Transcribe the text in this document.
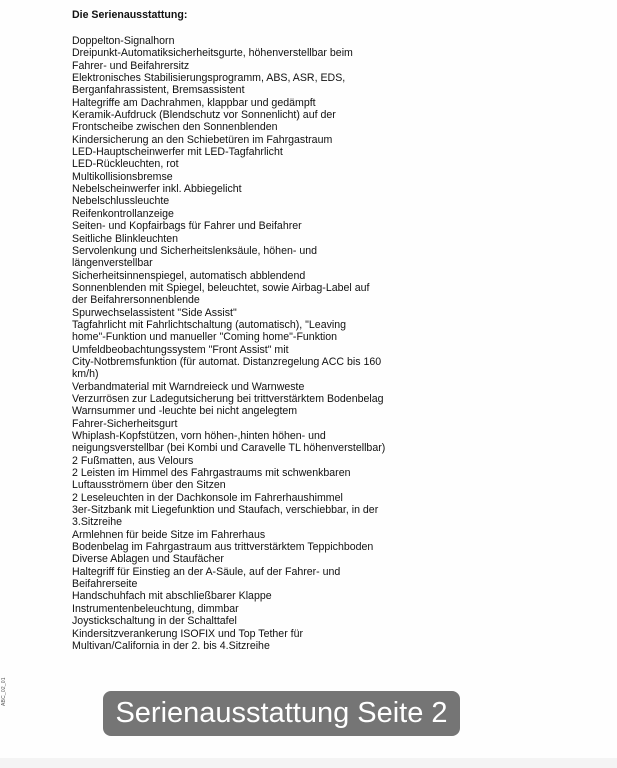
Die Serienausstattung:
Doppelton-Signalhorn
Dreipunkt-Automatiksicherheitsgurte, höhenverstellbar beim
Fahrer- und Beifahrersitz
Elektronisches Stabilisierungsprogramm, ABS, ASR, EDS,
Berganfahrassistent, Bremsassistent
Haltegriffe am Dachrahmen, klappbar und gedämpft
Keramik-Aufdruck (Blendschutz vor Sonnenlicht) auf der
Frontscheibe zwischen den Sonnenblenden
Kindersicherung an den Schiebetüren im Fahrgastraum
LED-Hauptscheinwerfer mit LED-Tagfahrlicht
LED-Rückleuchten, rot
Multikollisionsbremse
Nebelscheinwerfer inkl. Abbiegelicht
Nebelschlussleuchte
Reifenkontrollanzeige
Seiten- und Kopfairbags für Fahrer und Beifahrer
Seitliche Blinkleuchten
Servolenkung und Sicherheitslenksäule, höhen- und
längenverstellbar
Sicherheitsinnenspiegel, automatisch abblendend
Sonnenblenden mit Spiegel, beleuchtet, sowie Airbag-Label auf
der Beifahrersonnenblende
Spurwechselassistent "Side Assist"
Tagfahrlicht mit Fahrlichtschaltung (automatisch), "Leaving
home"-Funktion und manueller "Coming home"-Funktion
Umfeldbeobachtungssystem "Front Assist" mit
City-Notbremsfunktion (für automat. Distanzregelung ACC bis 160
km/h)
Verbandmaterial mit Warndreieck und Warnweste
Verzurrösen zur Ladegutsicherung bei trittverstärktem Bodenbelag
Warnsummer und -leuchte bei nicht angelegtem
Fahrer-Sicherheitsgurt
Whiplash-Kopfstützen, vorn höhen-,hinten höhen- und
neigungsverstellbar (bei Kombi und Caravelle TL höhenverstellbar)
2 Fußmatten, aus Velours
2 Leisten im Himmel des Fahrgastraums mit schwenkbaren
Luftausströmern über den Sitzen
2 Leseleuchten in der Dachkonsole im Fahrerhaushimmel
3er-Sitzbank mit Liegefunktion und Staufach, verschiebbar, in der
3.Sitzreihe
Armlehnen für beide Sitze im Fahrerhaus
Bodenbelag im Fahrgastraum aus trittverstärktem Teppichboden
Diverse Ablagen und Staufächer
Haltegriff für Einstieg an der A-Säule, auf der Fahrer- und
Beifahrerseite
Handschuhfach mit abschließbarer Klappe
Instrumentenbeleuchtung, dimmbar
Joystickschaltung in der Schalttafel
Kindersitzverankerung ISOFIX und Top Tether für
Multivan/California in der 2. bis 4.Sitzreihe
ABC_02_01
Serienausstattung Seite 2
